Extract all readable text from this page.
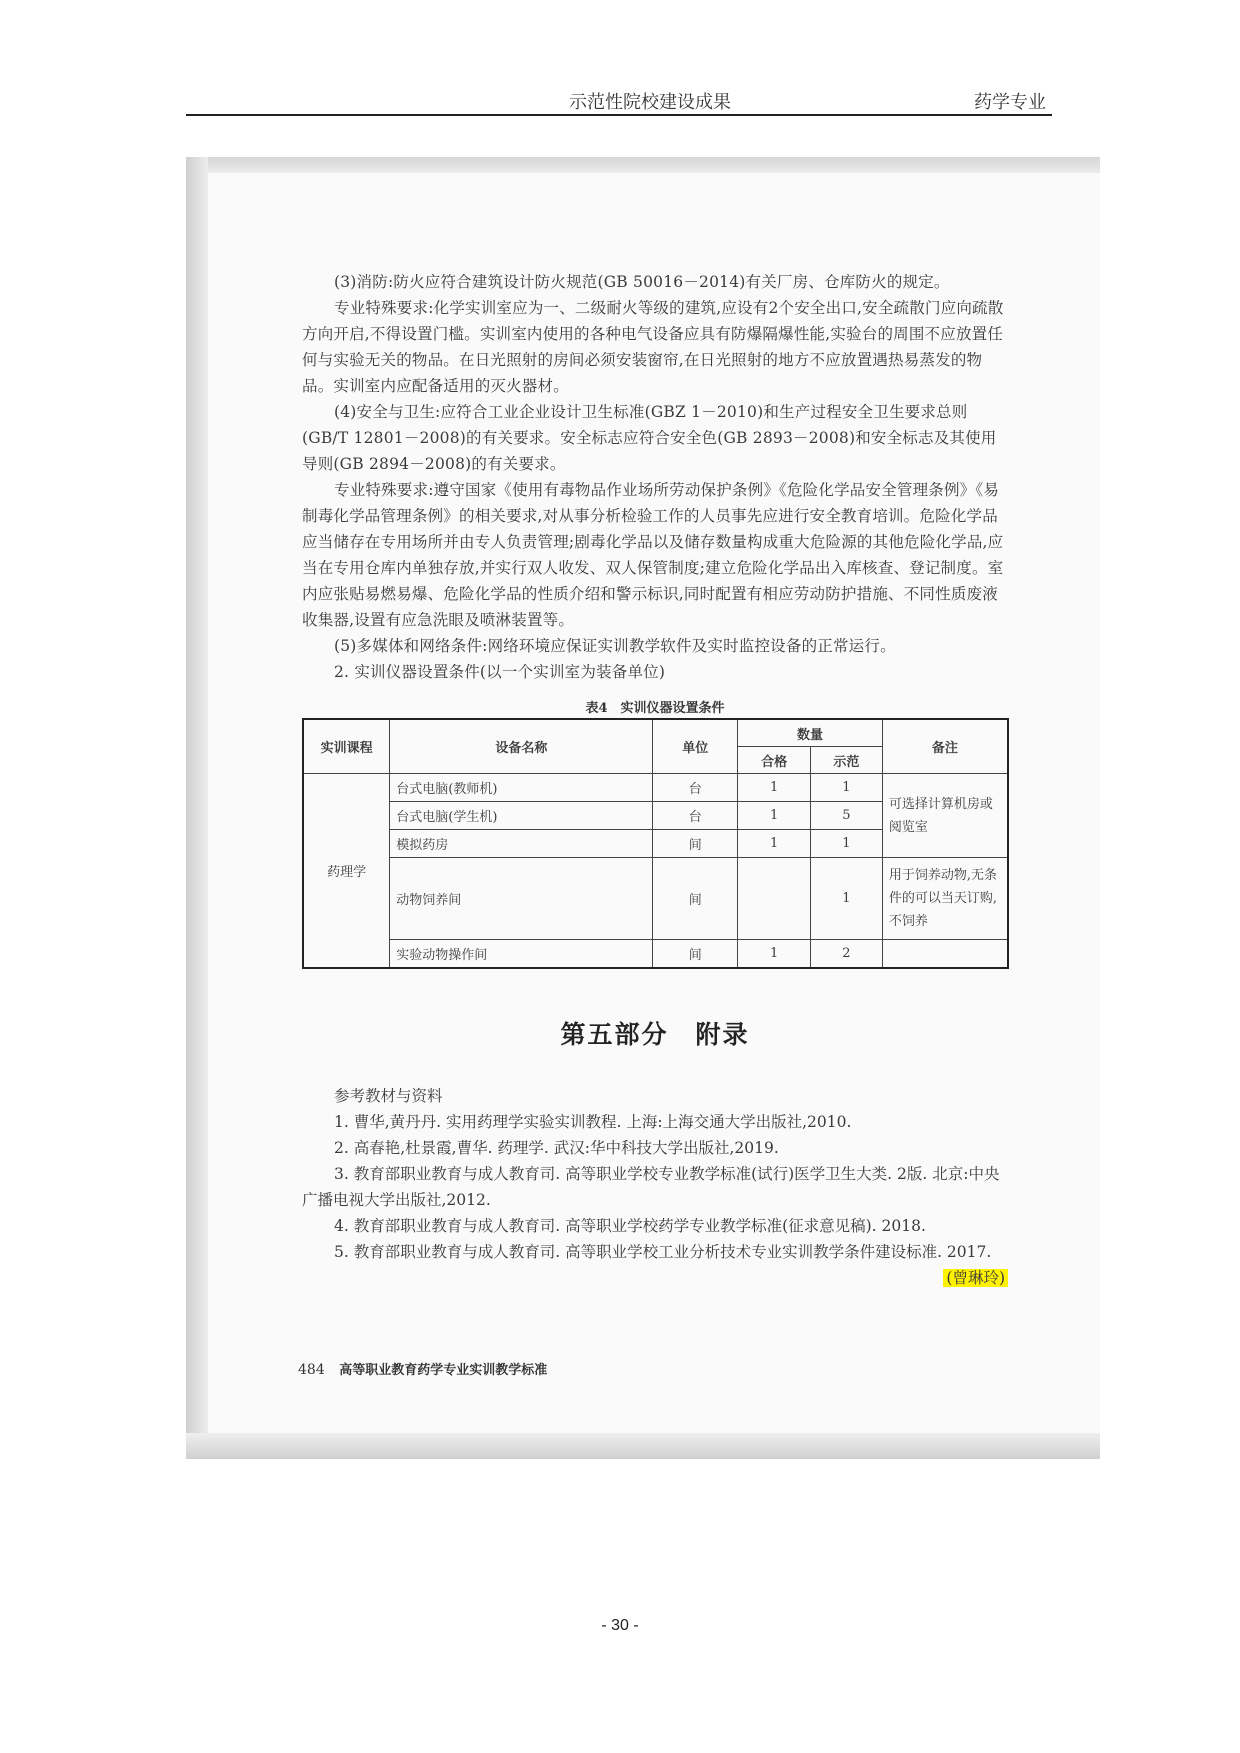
示范性院校建设成果	药学专业

(3)消防:防火应符合建筑设计防火规范(GB 50016－2014)有关厂房、仓库防火的规定。

专业特殊要求:化学实训室应为一、二级耐火等级的建筑,应设有2个安全出口,安全疏散门应向疏散方向开启,不得设置门槛。实训室内使用的各种电气设备应具有防爆隔爆性能,实验台的周围不应放置任何与实验无关的物品。在日光照射的房间必须安装窗帘,在日光照射的地方不应放置遇热易蒸发的物品。实训室内应配备适用的灭火器材。

(4)安全与卫生:应符合工业企业设计卫生标准(GBZ 1－2010)和生产过程安全卫生要求总则(GB/T 12801－2008)的有关要求。安全标志应符合安全色(GB 2893－2008)和安全标志及其使用导则(GB 2894－2008)的有关要求。

专业特殊要求:遵守国家《使用有毒物品作业场所劳动保护条例》《危险化学品安全管理条例》《易制毒化学品管理条例》的相关要求,对从事分析检验工作的人员事先应进行安全教育培训。危险化学品应当储存在专用场所并由专人负责管理;剧毒化学品以及储存数量构成重大危险源的其他危险化学品,应当在专用仓库内单独存放,并实行双人收发、双人保管制度;建立危险化学品出入库核查、登记制度。室内应张贴易燃易爆、危险化学品的性质介绍和警示标识,同时配置有相应劳动防护措施、不同性质废液收集器,设置有应急洗眼及喷淋装置等。

(5)多媒体和网络条件:网络环境应保证实训教学软件及实时监控设备的正常运行。

2. 实训仪器设置条件(以一个实训室为装备单位)

表4　实训仪器设置条件
实训课程	设备名称	单位	数量		备注
			合格	示范	
药理学	台式电脑(教师机)	台	1	1	可选择计算机房或阅览室
	台式电脑(学生机)	台	1	5	
	模拟药房	间	1	1	
	动物饲养间	间		1	用于饲养动物,无条件的可以当天订购,不饲养
	实验动物操作间	间	1	2	
第五部分　附录

参考教材与资料

1. 曹华,黄丹丹. 实用药理学实验实训教程. 上海:上海交通大学出版社,2010.

2. 高春艳,杜景霞,曹华. 药理学. 武汉:华中科技大学出版社,2019.

3. 教育部职业教育与成人教育司. 高等职业学校专业教学标准(试行)医学卫生大类. 2版. 北京:中央广播电视大学出版社,2012.

4. 教育部职业教育与成人教育司. 高等职业学校药学专业教学标准(征求意见稿). 2018.

5. 教育部职业教育与成人教育司. 高等职业学校工业分析技术专业实训教学条件建设标准. 2017.

(曾琳玲)

484 高等职业教育药学专业实训教学标准
- 30 -
